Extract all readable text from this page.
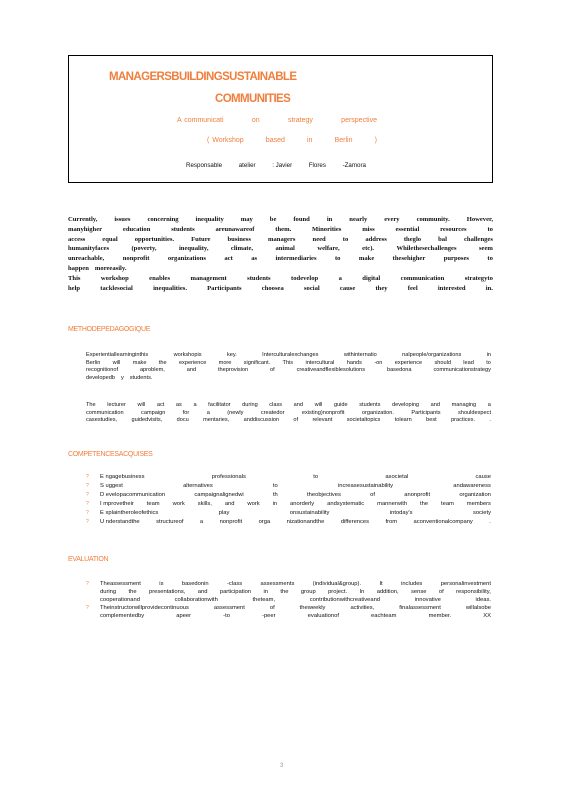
MANAGERSBUILDINGSUSTAINABLE
COMMUNITIES
A communicati	on	strategy	perspective
( Workshop	based	in	Berlin	)
Responsable	atelier	: Javier	Flores	-Zamora
Currently,	issues	concerning	inequality	may	be	found	in	nearly	every	community.	However,
manyhigher	education	students	areunawareof	them.	Minorities	miss	essential	resources	to
access	equal	opportunities.	Future	business	managers	need	to	address	theglo	bal	challenges
humanityfaces	(poverty,	inequality,	climate,	animal	welfare,	etc).	Whilethesechallenges	seem
unreachable,	nonprofit	organizations	act	as	intermediaries	to	make	thesehigher	purposes	to
happen moreeasily.
This	workshop	enables	management	students	todevelop	a	digital	communication	strategyto
help	tacklesocial	inequalities.	Participants	choosea	social	cause	they	feel	interested	in.
METHODEPEDAGOGIQUE
Experientiallearninginthis	workshopis	key.	Interculturalexchanges	withinternatio	nalpeople/organizations	in
Berlin will make the experience more significant. This intercultural hands -on experience should lead to
recognitionof	aproblem,	and	theprovision	of	creativeandflexiblesolutions	basedona	communicationstrategy
developedb y students.
The lecturer will act as a facilitator during class and will guide students developing and managing a
communication	campaign	for	a	(newly	createdor	existing)nonprofit	organization.	Participants	shouldexpect
casestudies,	guidedvisits,	docu	mentaries,	anddiscussion	of	relevant	societaltopics	tolearn	best	practices.	.
COMPETENCESACQUISES
?	E ngagebusiness	professionals	to	asocietal	cause
?	S uggest	alternatives	to	increasesustainability	andawareness
?	D evelopacommunication	campaignalignedwi	th	theobjectives	of	anonprofit	organization
?	I mprovetheir team work skills, and work in anorderly andsystematic mannerwith the team members
?	E xplaintheroleofethics	play	onsustainability	intoday's	society
?	U nderstandthe	structureof	a	nonprofit	orga	nizationandthe	differences	from	aconventionalcompany	.
EVALUATION
?	Theassessment	is	basedonin	-class	assessments	(individual&group).	It	includes	personalinvestment
during the presentations, and participation in the group project. In addition, sense of responsibility,
cooperationand	collaborationwith	theteam,	contributionwithcreativeand	innovative	ideas.
?	Theinstructorwillprovidecontinuous	assessment	of	theweekly	activities,	finalassessment	willalsobe
complementedby	apeer	-to	-peer	evaluationof	eachteam	member.	XX
3
